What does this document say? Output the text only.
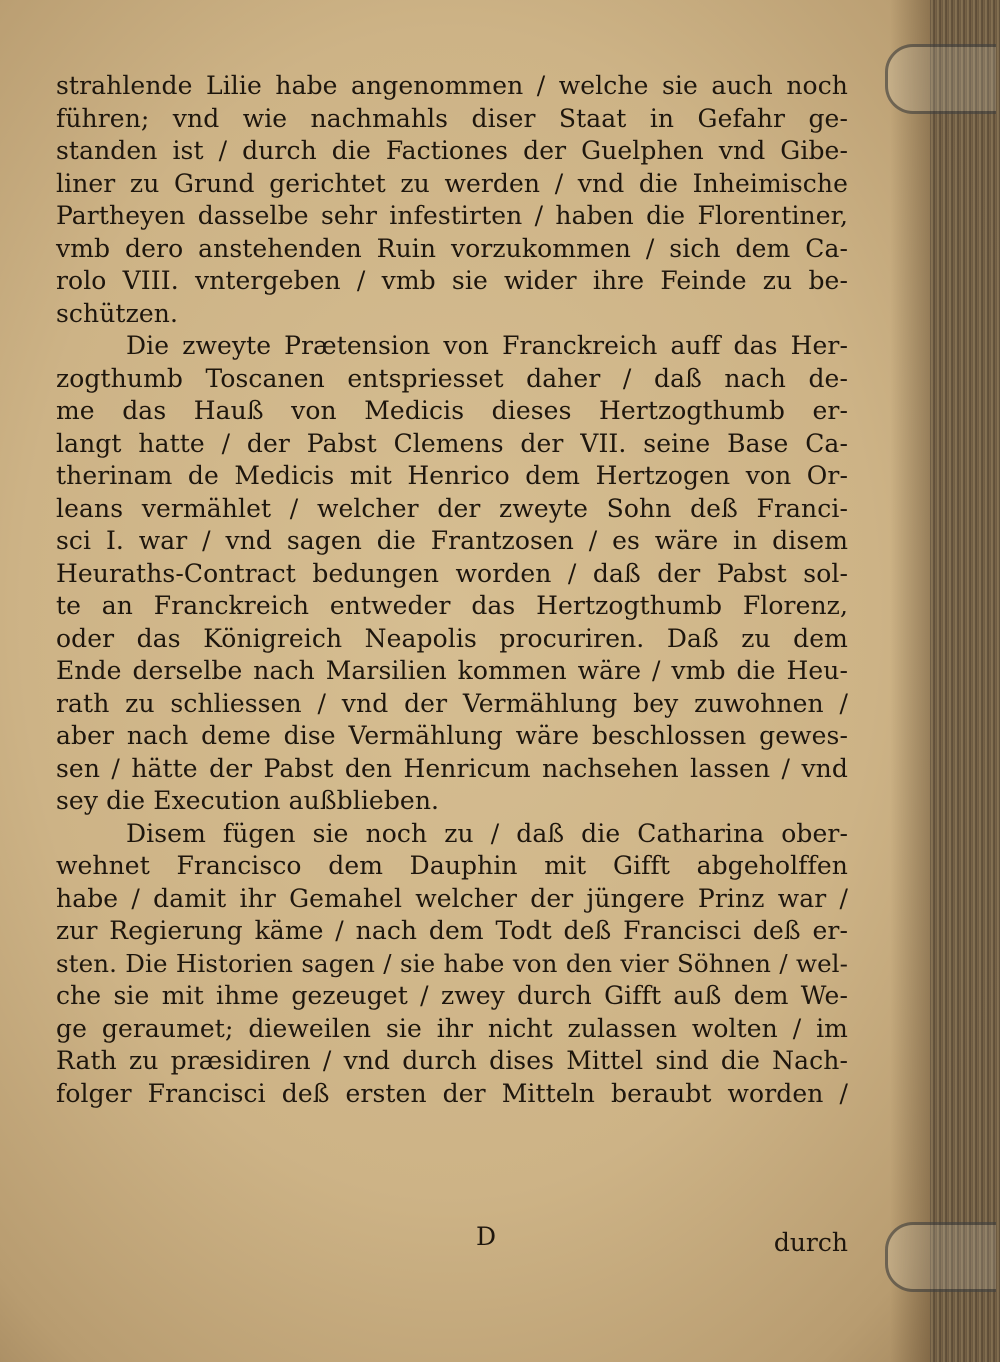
strahlende Lilie habe angenommen / welche sie auch noch
führen; vnd wie nachmahls diser Staat in Gefahr ge-
standen ist / durch die Factiones der Guelphen vnd Gibe-
liner zu Grund gerichtet zu werden / vnd die Inheimische
Partheyen dasselbe sehr infestirten / haben die Florentiner,
vmb dero anstehenden Ruin vorzukommen / sich dem Ca-
rolo VIII. vntergeben / vmb sie wider ihre Feinde zu be-
schützen.
Die zweyte Prætension von Franckreich auff das Her-
zogthumb Toscanen entspriesset daher / daß nach de-
me das Hauß von Medicis dieses Hertzogthumb er-
langt hatte / der Pabst Clemens der VII. seine Base Ca-
therinam de Medicis mit Henrico dem Hertzogen von Or-
leans vermählet / welcher der zweyte Sohn deß Franci-
sci I. war / vnd sagen die Frantzosen / es wäre in disem
Heuraths-Contract bedungen worden / daß der Pabst sol-
te an Franckreich entweder das Hertzogthumb Florenz,
oder das Königreich Neapolis procuriren. Daß zu dem
Ende derselbe nach Marsilien kommen wäre / vmb die Heu-
rath zu schliessen / vnd der Vermählung bey zuwohnen /
aber nach deme dise Vermählung wäre beschlossen gewes-
sen / hätte der Pabst den Henricum nachsehen lassen / vnd
sey die Execution außblieben.
Disem fügen sie noch zu / daß die Catharina ober-
wehnet Francisco dem Dauphin mit Gifft abgeholffen
habe / damit ihr Gemahel welcher der jüngere Prinz war /
zur Regierung käme / nach dem Todt deß Francisci deß er-
sten. Die Historien sagen / sie habe von den vier Söhnen / wel-
che sie mit ihme gezeuget / zwey durch Gifft auß dem We-
ge geraumet; dieweilen sie ihr nicht zulassen wolten / im
Rath zu præsidiren / vnd durch dises Mittel sind die Nach-
folger Francisci deß ersten der Mitteln beraubt worden /
D	durch
